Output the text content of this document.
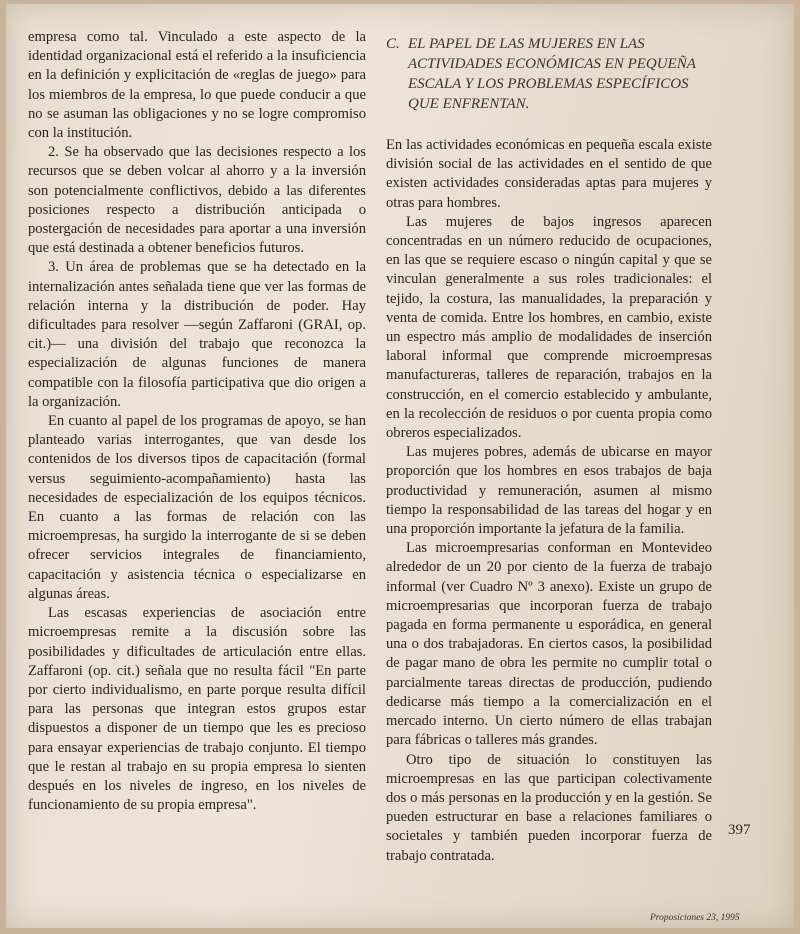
empresa como tal. Vinculado a este aspecto de la identidad organizacional está el referido a la insuficiencia en la definición y explicitación de «reglas de juego» para los miembros de la empresa, lo que puede conducir a que no se asuman las obligaciones y no se logre compromiso con la institución.

2. Se ha observado que las decisiones respecto a los recursos que se deben volcar al ahorro y a la inversión son potencialmente conflictivos, debido a las diferentes posiciones respecto a distribución anticipada o postergación de necesidades para aportar a una inversión que está destinada a obtener beneficios futuros.

3. Un área de problemas que se ha detectado en la internalización antes señalada tiene que ver las formas de relación interna y la distribución de poder. Hay dificultades para resolver —según Zaffaroni (GRAI, op. cit.)— una división del trabajo que reconozca la especialización de algunas funciones de manera compatible con la filosofía participativa que dio origen a la organización.

En cuanto al papel de los programas de apoyo, se han planteado varias interrogantes, que van desde los contenidos de los diversos tipos de capacitación (formal versus seguimiento-acompañamiento) hasta las necesidades de especialización de los equipos técnicos. En cuanto a las formas de relación con las microempresas, ha surgido la interrogante de si se deben ofrecer servicios integrales de financiamiento, capacitación y asistencia técnica o especializarse en algunas áreas.

Las escasas experiencias de asociación entre microempresas remite a la discusión sobre las posibilidades y dificultades de articulación entre ellas. Zaffaroni (op. cit.) señala que no resulta fácil "En parte por cierto individualismo, en parte porque resulta difícil para las personas que integran estos grupos estar dispuestos a disponer de un tiempo que les es precioso para ensayar experiencias de trabajo conjunto. El tiempo que le restan al trabajo en su propia empresa lo sienten después en los niveles de ingreso, en los niveles de funcionamiento de su propia empresa".

C. EL PAPEL DE LAS MUJERES EN LAS ACTIVIDADES ECONÓMICAS EN PEQUEÑA ESCALA Y LOS PROBLEMAS ESPECÍFICOS QUE ENFRENTAN.

En las actividades económicas en pequeña escala existe división social de las actividades en el sentido de que existen actividades consideradas aptas para mujeres y otras para hombres.

Las mujeres de bajos ingresos aparecen concentradas en un número reducido de ocupaciones, en las que se requiere escaso o ningún capital y que se vinculan generalmente a sus roles tradicionales: el tejido, la costura, las manualidades, la preparación y venta de comida. Entre los hombres, en cambio, existe un espectro más amplio de modalidades de inserción laboral informal que comprende microempresas manufactureras, talleres de reparación, trabajos en la construcción, en el comercio establecido y ambulante, en la recolección de residuos o por cuenta propia como obreros especializados.

Las mujeres pobres, además de ubicarse en mayor proporción que los hombres en esos trabajos de baja productividad y remuneración, asumen al mismo tiempo la responsabilidad de las tareas del hogar y en una proporción importante la jefatura de la familia.

Las microempresarias conforman en Montevideo alrededor de un 20 por ciento de la fuerza de trabajo informal (ver Cuadro Nº 3 anexo). Existe un grupo de microempresarias que incorporan fuerza de trabajo pagada en forma permanente u esporádica, en general una o dos trabajadoras. En ciertos casos, la posibilidad de pagar mano de obra les permite no cumplir total o parcialmente tareas directas de producción, pudiendo dedicarse más tiempo a la comercialización en el mercado interno. Un cierto número de ellas trabajan para fábricas o talleres más grandes.

Otro tipo de situación lo constituyen las microempresas en las que participan colectivamente dos o más personas en la producción y en la gestión. Se pueden estructurar en base a relaciones familiares o societales y también pueden incorporar fuerza de trabajo contratada.

397
Proposiciones 23, 1995
